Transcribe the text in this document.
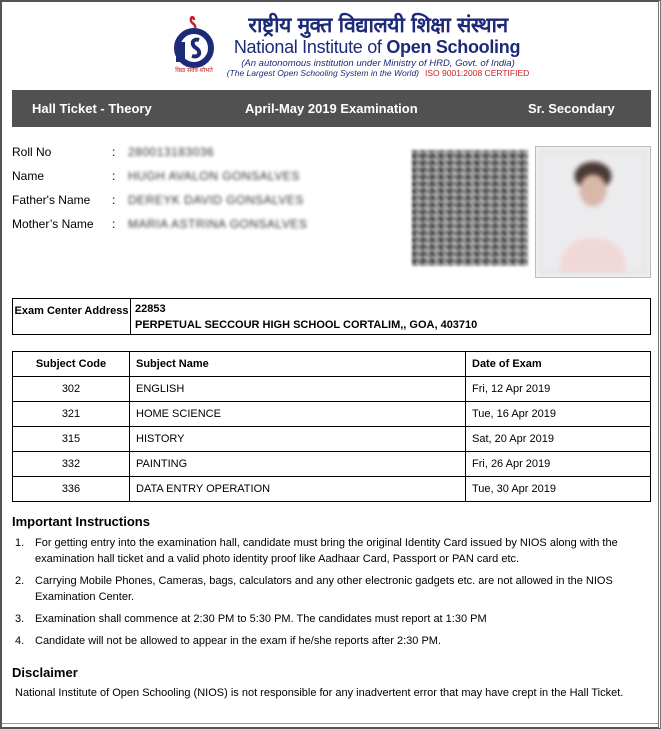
विद्या सर्वत्र शोभते
राष्ट्रीय मुक्त विद्यालयी शिक्षा संस्थान
National Institute of Open Schooling
(An autonomous institution under Ministry of HRD, Govt. of India)
(The Largest Open Schooling System in the World) ISO 9001:2008 CERTIFIED
Hall Ticket - Theory	April-May 2019 Examination	Sr. Secondary
Roll No	: 280013183036
Name	: HUGH AVALON GONSALVES
Father's Name : DEREYK DAVID GONSALVES
Mother’s Name : MARIA ASTRINA GONSALVES
Exam Center Address 22853
PERPETUAL SECCOUR HIGH SCHOOL CORTALIM,, GOA, 403710
Subject Code	Subject Name	Date of Exam
302	ENGLISH	Fri, 12 Apr 2019
321	HOME SCIENCE	Tue, 16 Apr 2019
315	HISTORY	Sat, 20 Apr 2019
332	PAINTING	Fri, 26 Apr 2019
336	DATA ENTRY OPERATION	Tue, 30 Apr 2019
Important Instructions
1. For getting entry into the examination hall, candidate must bring the original Identity Card issued by NIOS along with the examination hall ticket and a valid photo identity proof like Aadhaar Card, Passport or PAN card etc.
2. Carrying Mobile Phones, Cameras, bags, calculators and any other electronic gadgets etc. are not allowed in the NIOS Examination Center.
3. Examination shall commence at 2:30 PM to 5:30 PM. The candidates must report at 1:30 PM
4. Candidate will not be allowed to appear in the exam if he/she reports after 2:30 PM.
Disclaimer
National Institute of Open Schooling (NIOS) is not responsible for any inadvertent error that may have crept in the Hall Ticket.
